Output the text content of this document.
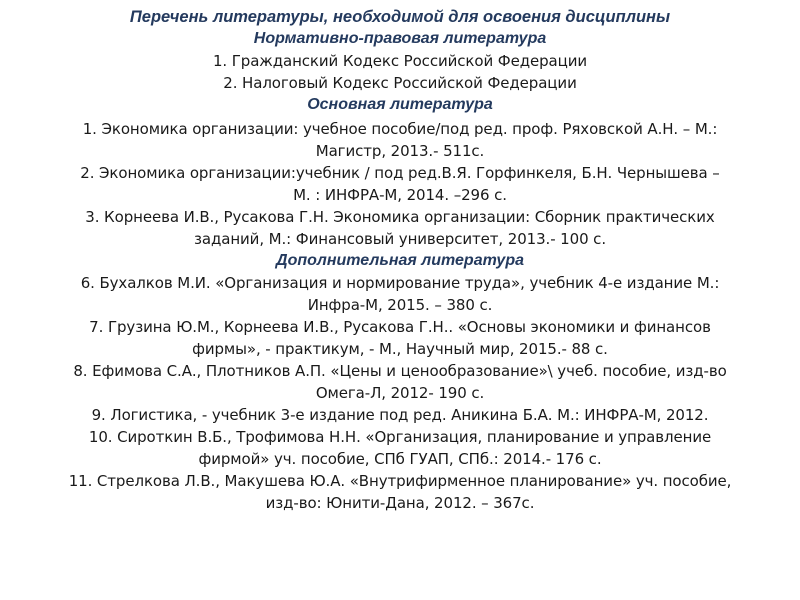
Перечень литературы, необходимой для освоения дисциплины

Нормативно-правовая литература

1. Гражданский Кодекс Российской Федерации

2. Налоговый Кодекс Российской Федерации

Основная литература

1. Экономика организации: учебное пособие/под ред. проф. Ряховской А.Н. – М.:

Магистр, 2013.- 511с.

2. Экономика организации:учебник / под ред.В.Я. Горфинкеля, Б.Н. Чернышева –

М. : ИНФРА-М, 2014. –296 с.

3. Корнеева И.В., Русакова Г.Н. Экономика организации: Сборник практических

заданий, М.: Финансовый университет, 2013.- 100 с.

Дополнительная литература

6. Бухалков М.И. «Организация и нормирование труда», учебник 4-е издание М.:

Инфра-М, 2015. – 380 с.

7. Грузина Ю.М., Корнеева И.В., Русакова Г.Н.. «Основы экономики и финансов

фирмы», - практикум, - М., Научный мир, 2015.- 88 с.

8. Ефимова С.А., Плотников А.П. «Цены и ценообразование»\ учеб. пособие, изд-во

Омега-Л, 2012- 190 с.

9. Логистика, - учебник 3-е издание под ред. Аникина Б.А. М.: ИНФРА-М, 2012.

10. Сироткин В.Б., Трофимова Н.Н. «Организация, планирование и управление

фирмой» уч. пособие, СПб ГУАП, СПб.: 2014.- 176 с.

11. Стрелкова Л.В., Макушева Ю.А. «Внутрифирменное планирование» уч. пособие,

изд-во: Юнити-Дана, 2012. – 367с.
